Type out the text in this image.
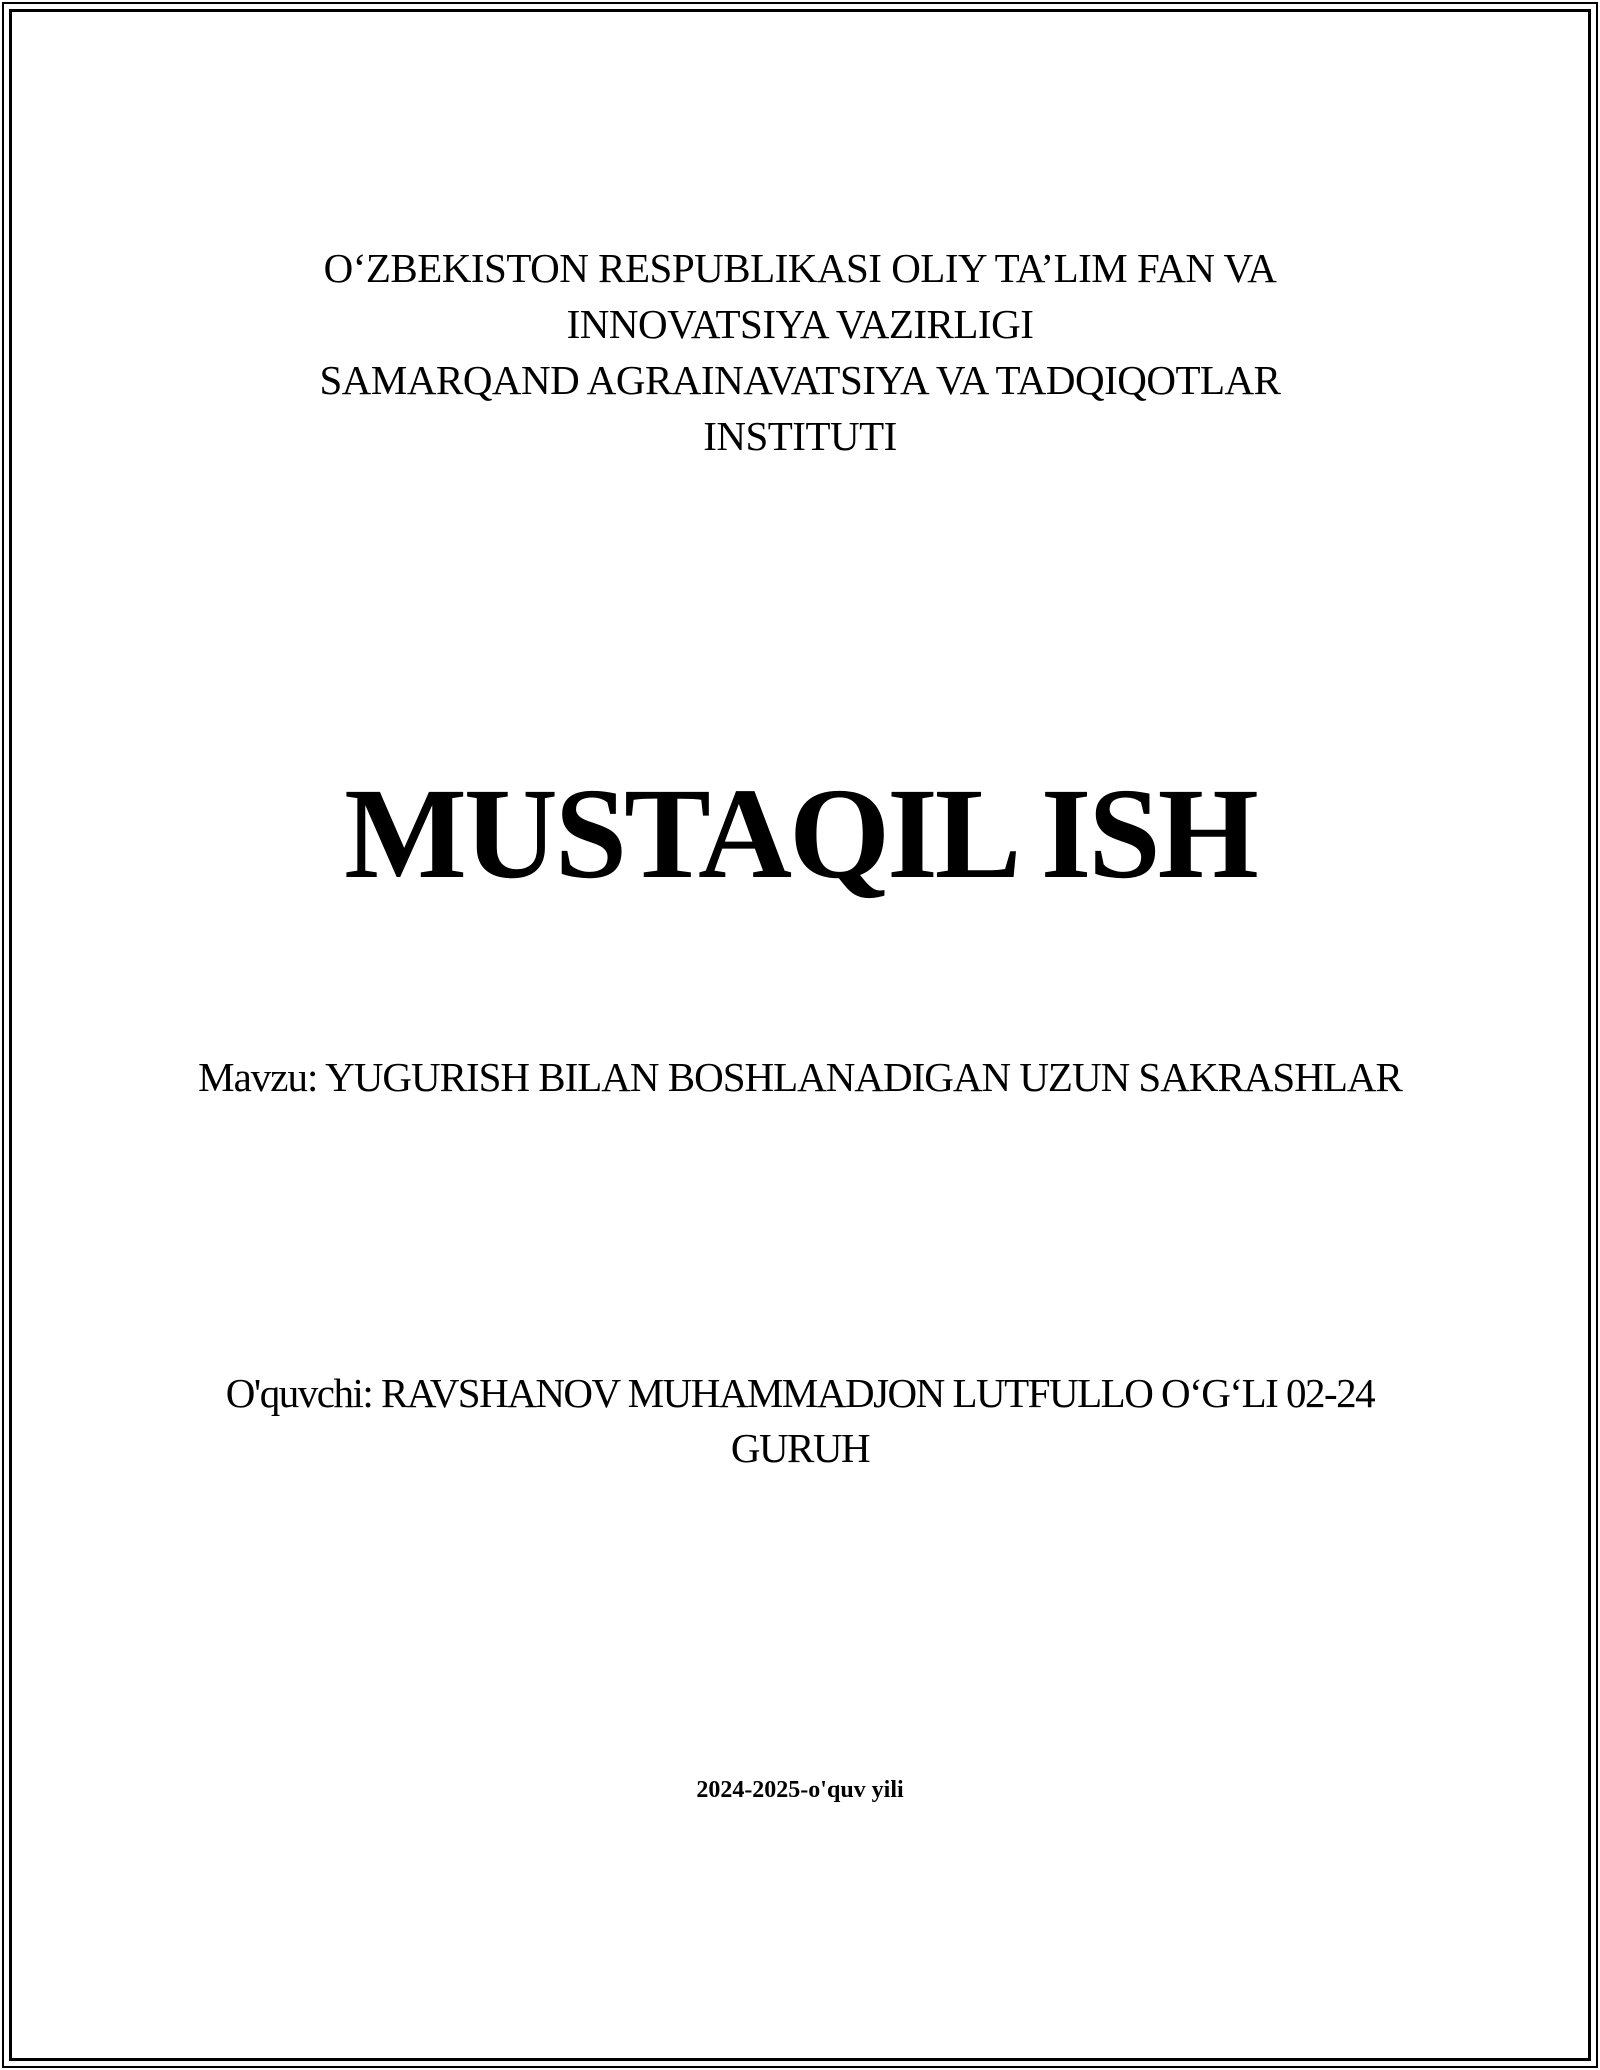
O‘ZBEKISTON RESPUBLIKASI OLIY TA’LIM FAN VA
INNOVATSIYA VAZIRLIGI
SAMARQAND AGRAINAVATSIYA VA TADQIQOTLAR
INSTITUTI
MUSTAQIL ISH
Mavzu: YUGURISH BILAN BOSHLANADIGAN UZUN SAKRASHLAR
O'quvchi: RAVSHANOV MUHAMMADJON LUTFULLO O‘G‘LI 02-24
GURUH
2024-2025-o'quv yili
